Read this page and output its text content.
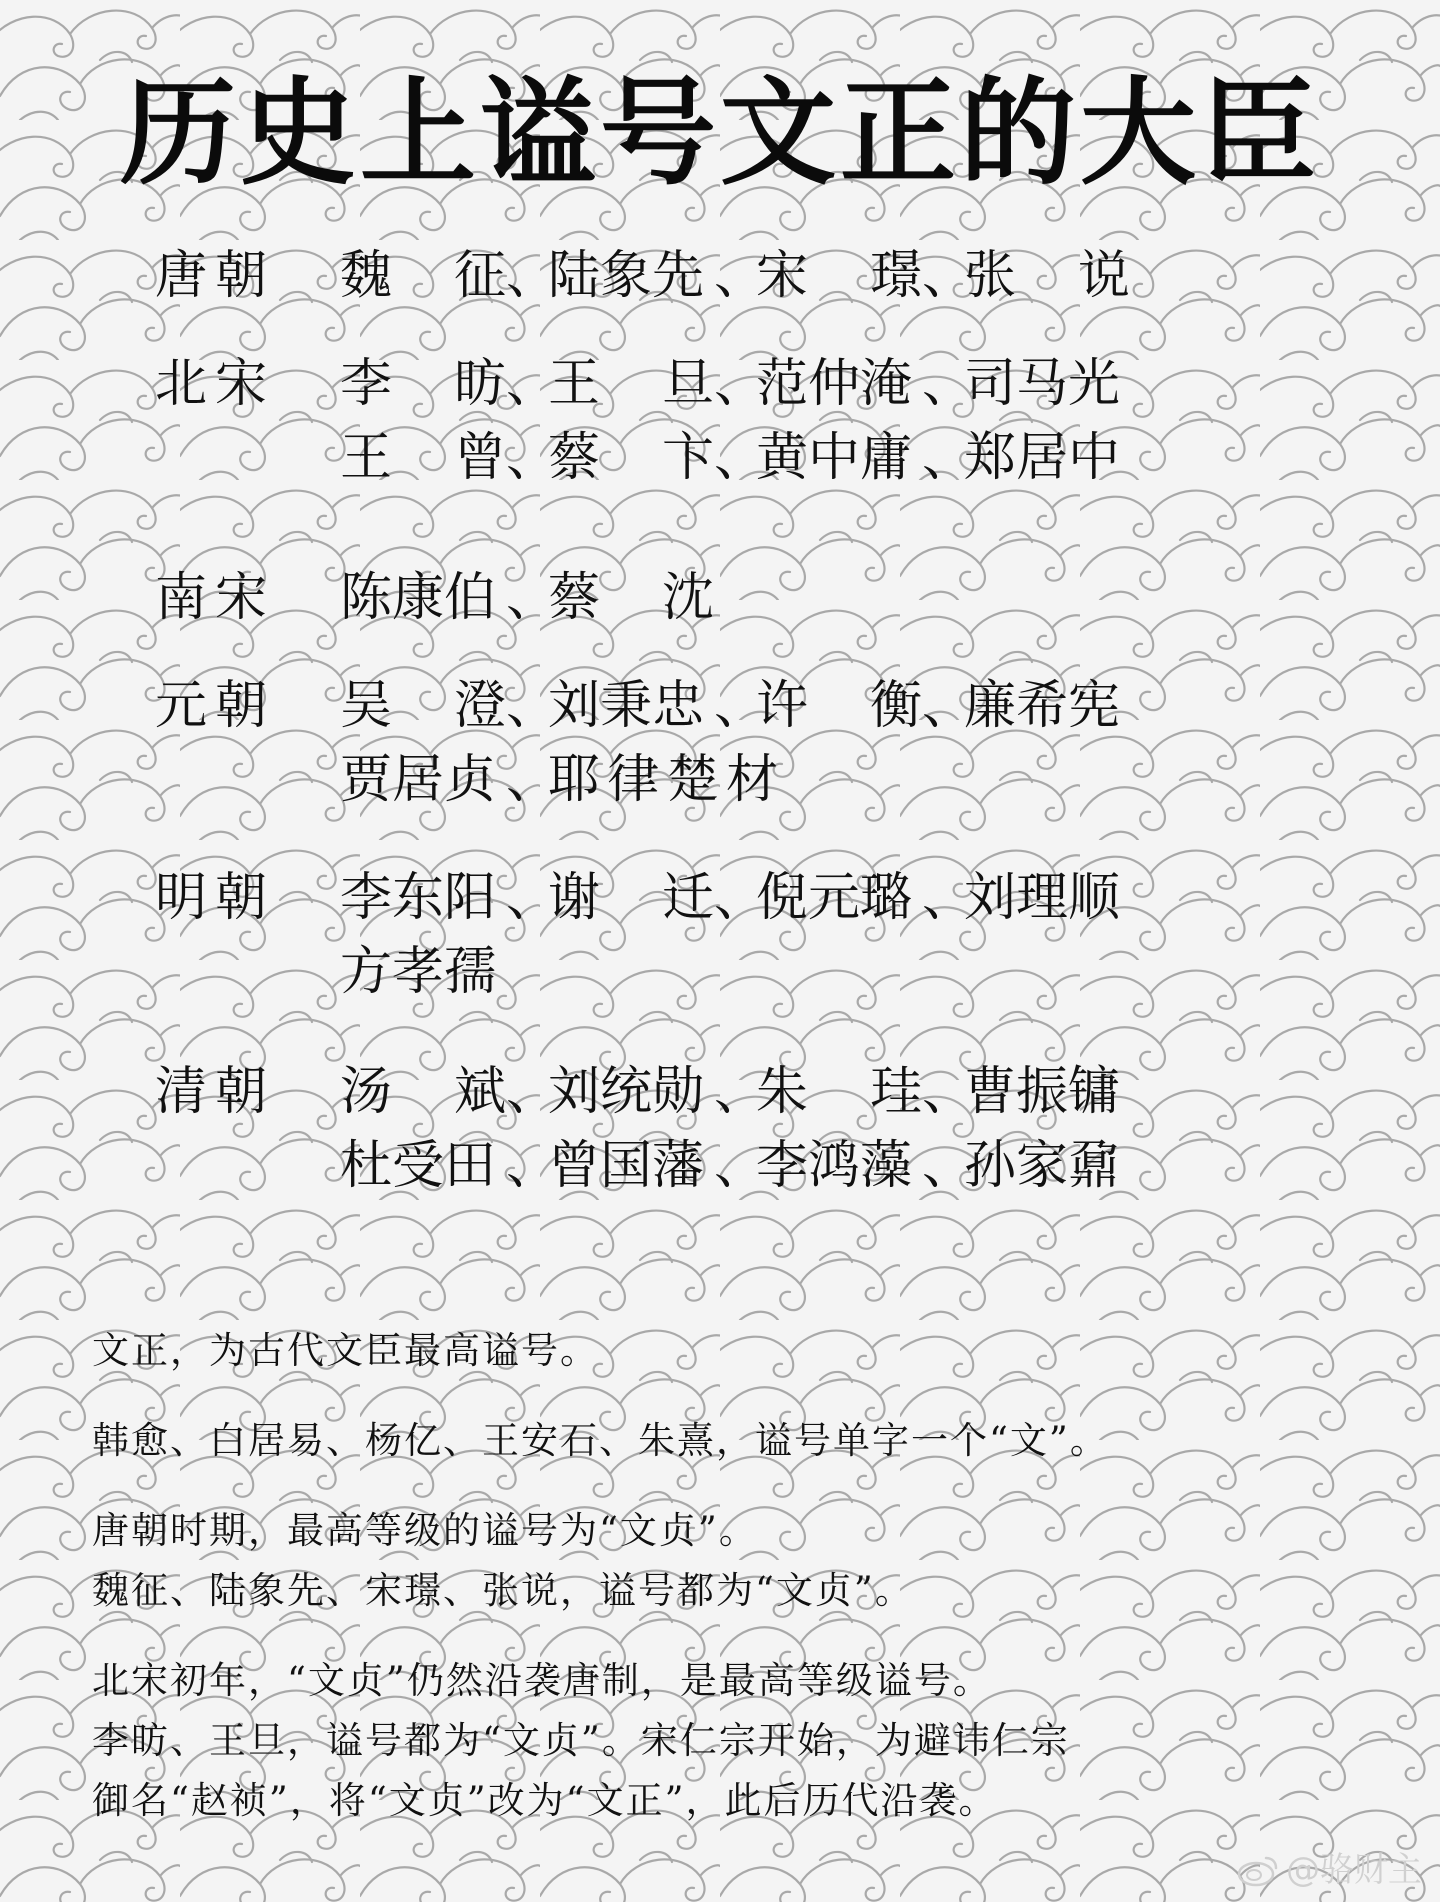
历史上谥号文正的大臣
唐朝 魏 征 、
陆 象 先 、
宋 璟 、
张 说
北宋 李 昉 、
王 旦 、
范 仲 淹 、
司 马 光
王 曾 、
蔡 卞 、
黄 中 庸 、
郑 居 中
南宋 陈 康 伯 、
蔡 沈
元朝 吴 澄 、
刘 秉 忠 、
许 衡 、
廉 希 宪
贾 居 贞 、
耶 律 楚 材
明朝 李 东 阳 、
谢 迁 、
倪 元 璐 、
刘 理 顺
方 孝 孺
清朝 汤 斌 、
刘 统 勋 、
朱 珪 、
曹 振 镛
杜 受 田 、
曾 国 藩 、
李 鸿 藻 、
孙 家 鼐
文正，为古代文臣最高谥号。
韩愈、白居易、杨亿、王安石、朱熹，谥号单字一个“文”。
唐朝时期，最高等级的谥号为“文贞”。
魏征、陆象先、宋璟、张说，谥号都为“文贞”。
北宋初年，“文贞”仍然沿袭唐制，是最高等级谥号。
李昉、王旦，谥号都为“文贞”。宋仁宗开始，为避讳仁宗
御名“赵祯”，将“文贞”改为“文正”，此后历代沿袭。
@骆财主
